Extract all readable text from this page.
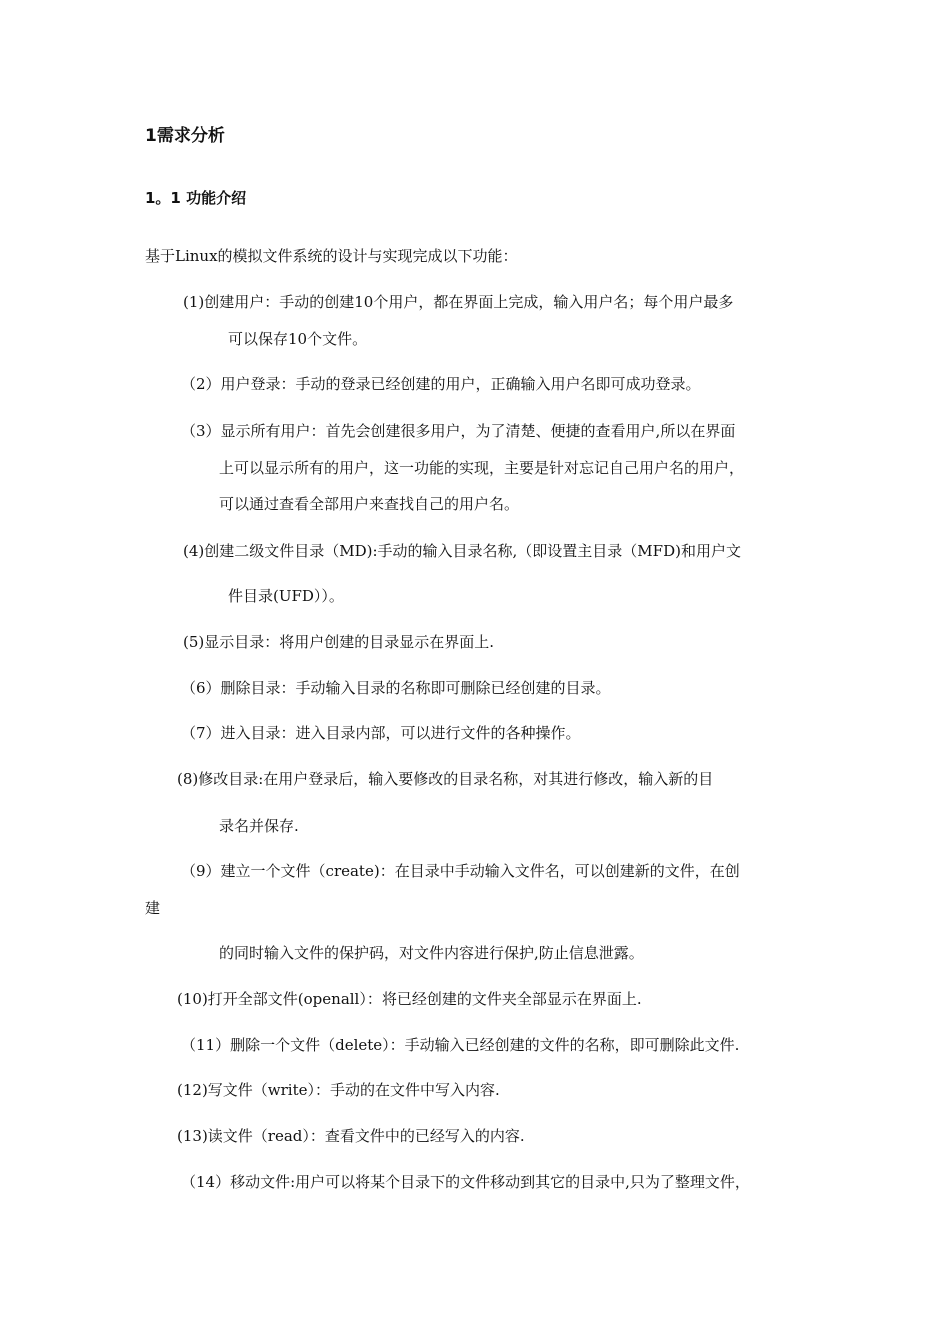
1需求分析
1。1 功能介绍
基于Linux的模拟文件系统的设计与实现完成以下功能：
(1)创建用户：手动的创建10个用户，都在界面上完成，输入用户名；每个用户最多
可以保存10个文件。
（2）用户登录：手动的登录已经创建的用户，正确输入用户名即可成功登录。
（3）显示所有用户：首先会创建很多用户，为了清楚、便捷的查看用户,所以在界面
上可以显示所有的用户，这一功能的实现，主要是针对忘记自己用户名的用户，
可以通过查看全部用户来查找自己的用户名。
(4)创建二级文件目录（MD):手动的输入目录名称,（即设置主目录（MFD)和用户文
件目录(UFD））。
(5)显示目录：将用户创建的目录显示在界面上.
（6）删除目录：手动输入目录的名称即可删除已经创建的目录。
（7）进入目录：进入目录内部，可以进行文件的各种操作。
(8)修改目录:在用户登录后，输入要修改的目录名称，对其进行修改，输入新的目
录名并保存.
（9）建立一个文件（create)：在目录中手动输入文件名，可以创建新的文件，在创
建
的同时输入文件的保护码，对文件内容进行保护,防止信息泄露。
(10)打开全部文件(openall）：将已经创建的文件夹全部显示在界面上.
（11）删除一个文件（delete）：手动输入已经创建的文件的名称，即可删除此文件.
(12)写文件（write）：手动的在文件中写入内容.
(13)读文件（read）：查看文件中的已经写入的内容.
（14）移动文件:用户可以将某个目录下的文件移动到其它的目录中,只为了整理文件，
